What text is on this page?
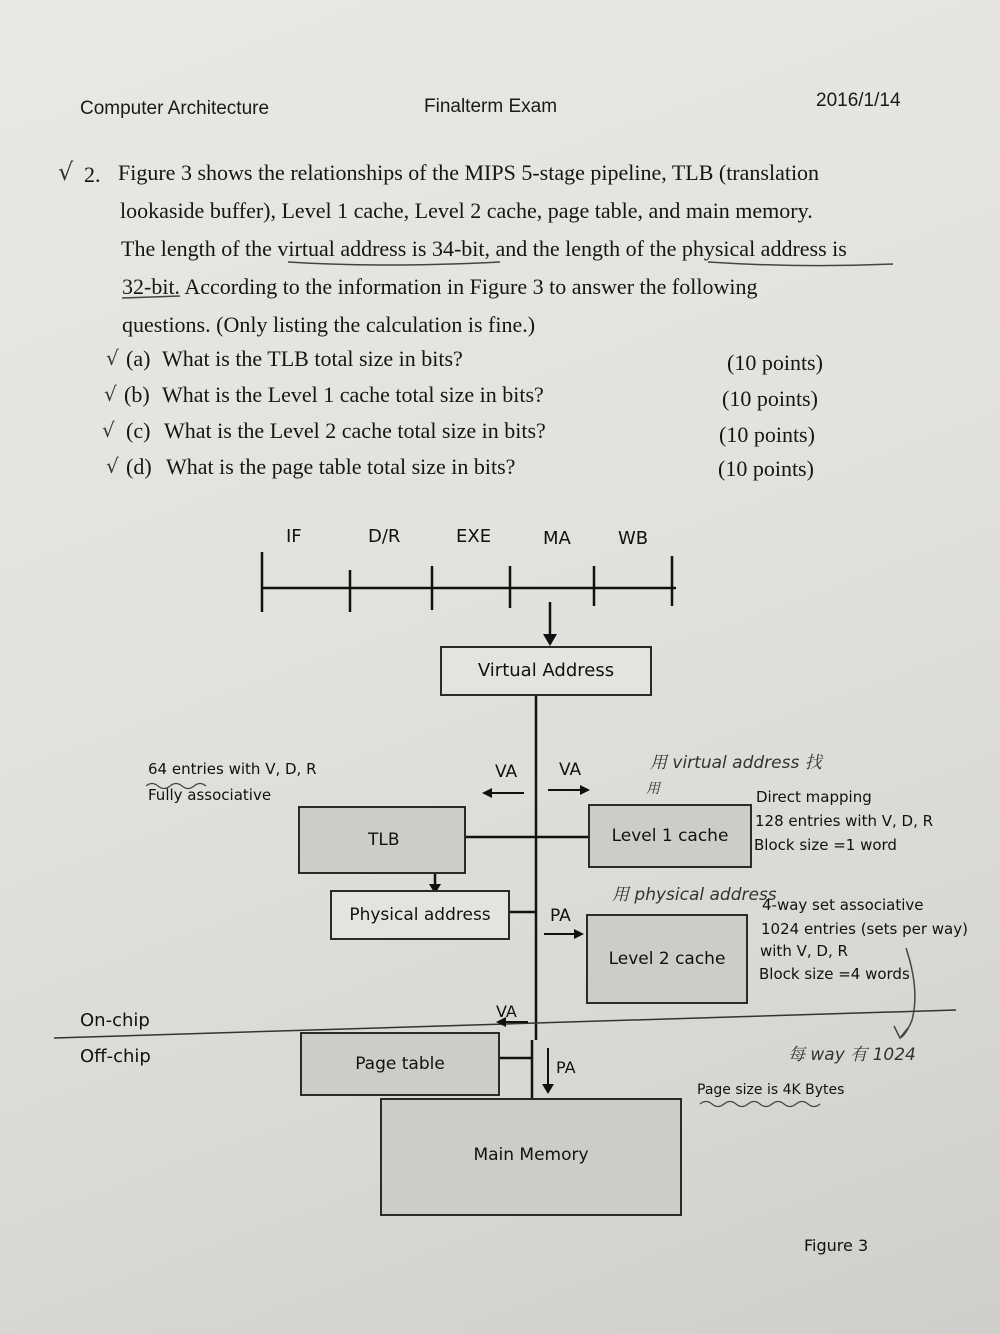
Computer Architecture	Finalterm Exam	2016/1/14
√ 2. Figure 3 shows the relationships of the MIPS 5-stage pipeline, TLB (translation
lookaside buffer), Level 1 cache, Level 2 cache, page table, and main memory.
The length of the virtual address is 34-bit, and the length of the physical address is
32-bit. According to the information in Figure 3 to answer the following
questions. (Only listing the calculation is fine.)
√ (a) What is the TLB total size in bits?	(10 points)
√ (b) What is the Level 1 cache total size in bits?	(10 points)
√ (c) What is the Level 2 cache total size in bits?	(10 points)
√ (d) What is the page table total size in bits?	(10 points)
IF	D/R	EXE	MA	WB
Virtual Address
64 entries with V, D, R
Fully associative
VA VA	用 virtual address 找
用
用 physical address
每 way 有 1024
TLB	Level 1 cache
Direct mapping
128 entries with V, D, R
Block size =1 word
Physical address	PA
Level 2 cache
4-way set associative
1024 entries (sets per way)
with V, D, R
Block size =4 words
On-chip
Off-chip
VA
Page table	PA
Page size is 4K Bytes
Main Memory
Figure 3
